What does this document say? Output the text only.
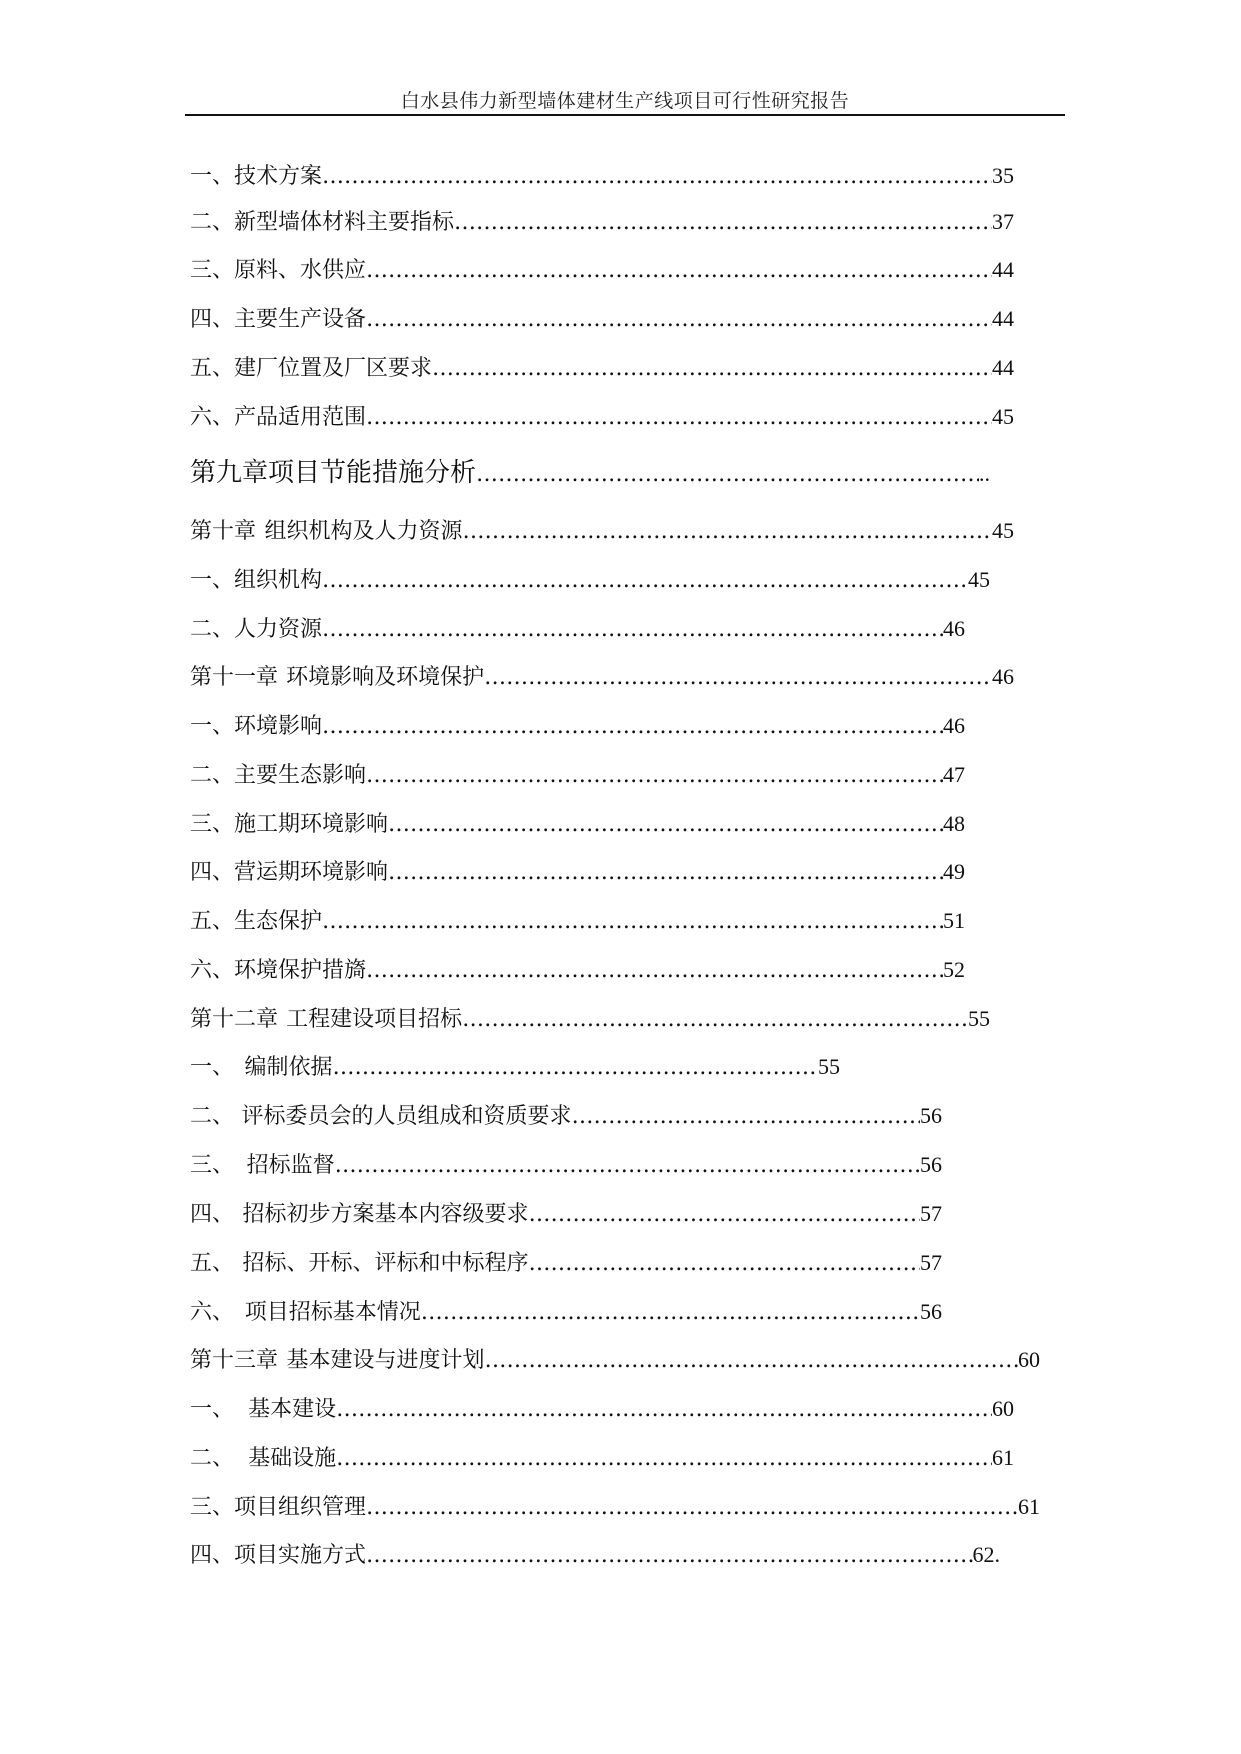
白水县伟力新型墙体建材生产线项目可行性研究报告
一、技术方案 ……………………………………………………………………………………………………………………………………………………………………………………………………	35
二、新型墙体材料主要指标 ……………………………………………………………………………………………………………………………………………………………………………………………………	37
三、原料、水供应 ……………………………………………………………………………………………………………………………………………………………………………………………………	44
四、主要生产设备 ……………………………………………………………………………………………………………………………………………………………………………………………………	44
五、建厂位置及厂区要求 ……………………………………………………………………………………………………………………………………………………………………………………………………	44
六、产品适用范围 ……………………………………………………………………………………………………………………………………………………………………………………………………	45
第九章项目节能措施分析 ……………………………………………………………………………………………………………………………………………………………………………………………………	..
第十章 组织机构及人力资源 ……………………………………………………………………………………………………………………………………………………………………………………………………	45
一、组织机构 ……………………………………………………………………………………………………………………………………………………………………………………………………	45
二、人力资源 ……………………………………………………………………………………………………………………………………………………………………………………………………	46
第十一章 环境影响及环境保护 ……………………………………………………………………………………………………………………………………………………………………………………………………	46
一、环境影响 ……………………………………………………………………………………………………………………………………………………………………………………………………	46
二、主要生态影响 ……………………………………………………………………………………………………………………………………………………………………………………………………	47
三、施工期环境影响 ……………………………………………………………………………………………………………………………………………………………………………………………………	48
四、营运期环境影响 ……………………………………………………………………………………………………………………………………………………………………………………………………	49
五、生态保护 ……………………………………………………………………………………………………………………………………………………………………………………………………	51
六、环境保护措旖 ……………………………………………………………………………………………………………………………………………………………………………………………………	52
第十二章 工程建设项目招标 ……………………………………………………………………………………………………………………………………………………………………………………………………	55
一、 编制依据 ……………………………………………………………………………………………………………………………………………………………………………………………………	55
二、 评标委员会的人员组成和资质要求 ……………………………………………………………………………………………………………………………………………………………………………………………………	56
三、 招标监督 ……………………………………………………………………………………………………………………………………………………………………………………………………	56
四、 招标初步方案基本内容级要求 ……………………………………………………………………………………………………………………………………………………………………………………………………	57
五、 招标、开标、评标和中标程序 ……………………………………………………………………………………………………………………………………………………………………………………………………	57
六、 项目招标基本情况 ……………………………………………………………………………………………………………………………………………………………………………………………………	56
第十三章 基本建设与进度计划 ……………………………………………………………………………………………………………………………………………………………………………………………………	60
一、 基本建设 ……………………………………………………………………………………………………………………………………………………………………………………………………	60
二、 基础设施 ……………………………………………………………………………………………………………………………………………………………………………………………………	61
三、项目组织管理 ……………………………………………………………………………………………………………………………………………………………………………………………………	61
四、项目实施方式 ……………………………………………………………………………………………………………………………………………………………………………………………………	62.
